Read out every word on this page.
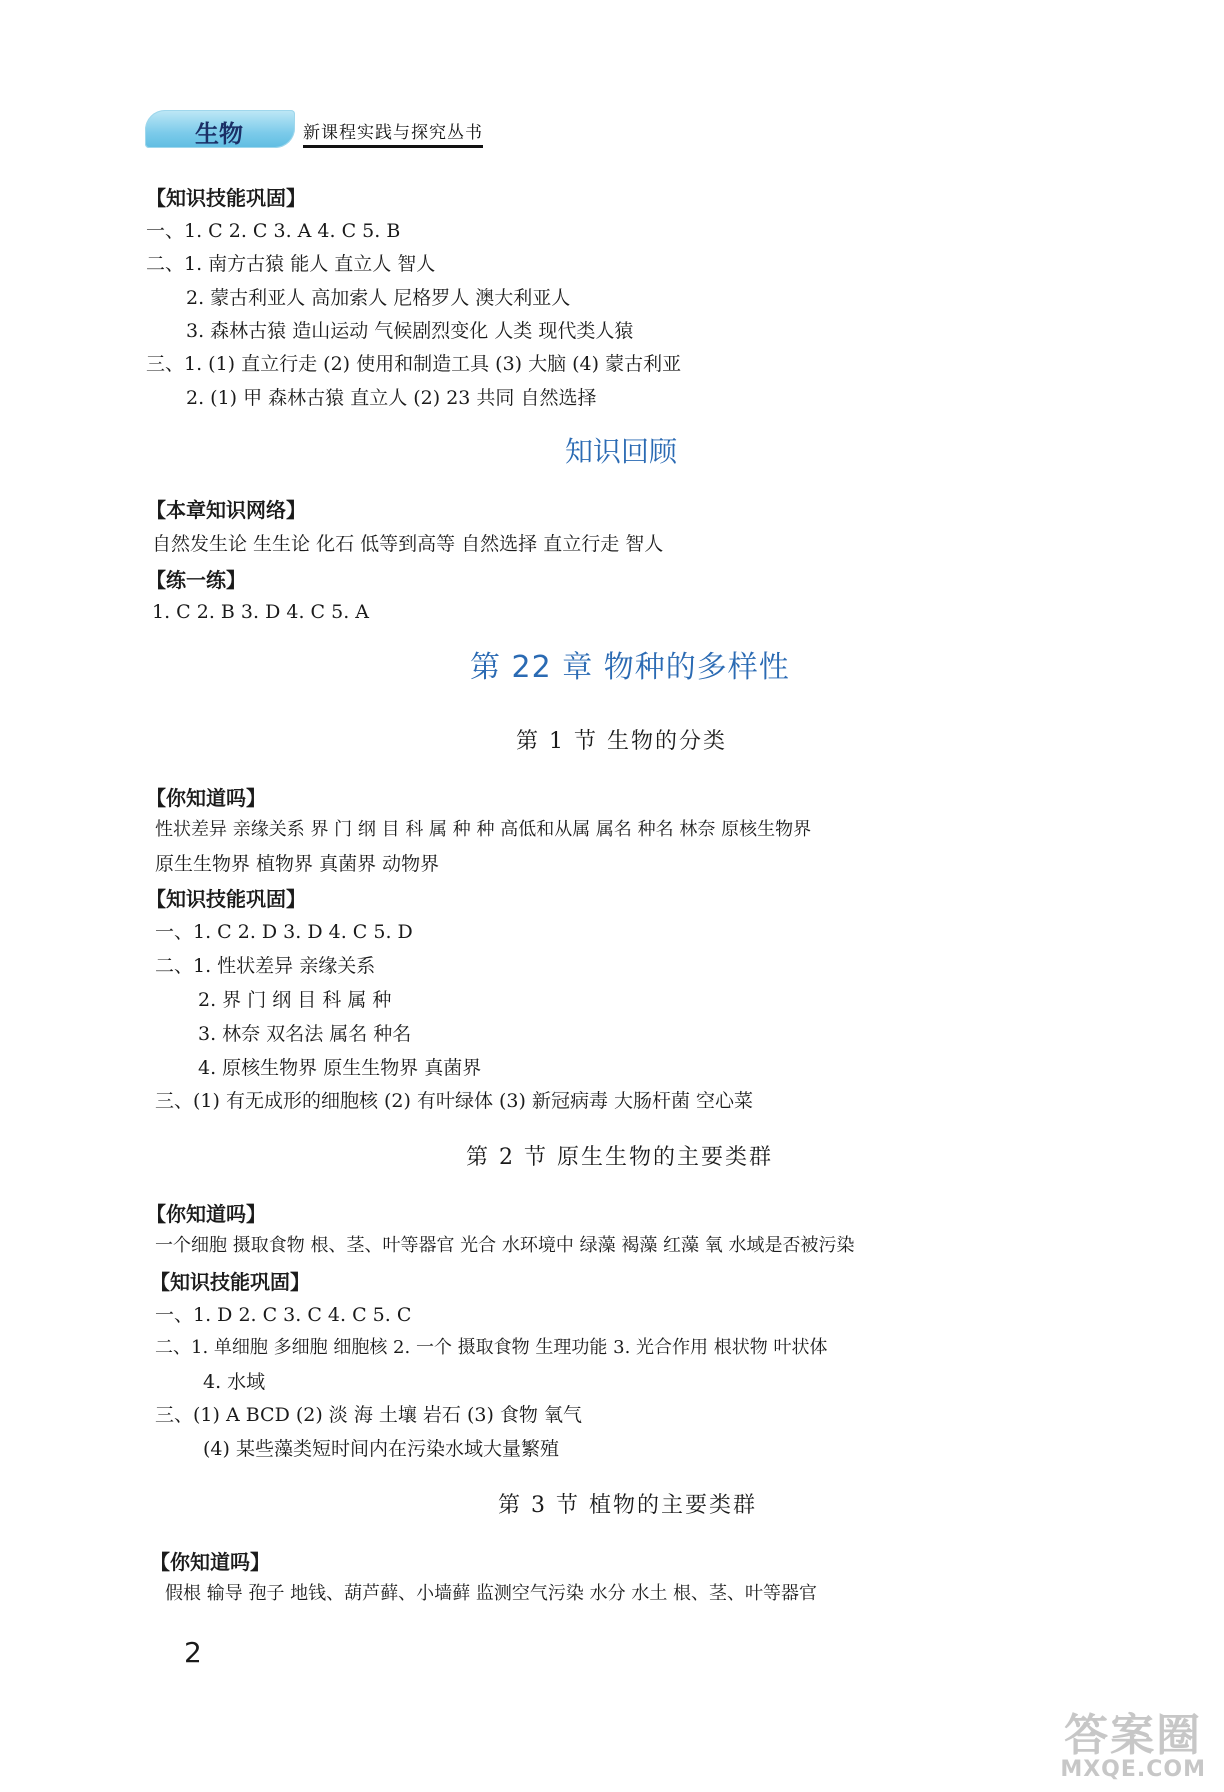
生物	新课程实践与探究丛书
【知识技能巩固】
一、1. C 2. C 3. A 4. C 5. B
二、1. 南方古猿 能人 直立人 智人
2. 蒙古利亚人 高加索人 尼格罗人 澳大利亚人
3. 森林古猿 造山运动 气候剧烈变化 人类 现代类人猿
三、1. (1) 直立行走 (2) 使用和制造工具 (3) 大脑 (4) 蒙古利亚
2. (1) 甲 森林古猿 直立人 (2) 23 共同 自然选择
知识回顾
【本章知识网络】
自然发生论 生生论 化石 低等到高等 自然选择 直立行走 智人
【练一练】
1. C 2. B 3. D 4. C 5. A
第 22 章 物种的多样性
第 1 节 生物的分类
【你知道吗】
性状差异 亲缘关系 界 门 纲 目 科 属 种 种 高低和从属 属名 种名 林奈 原核生物界
原生生物界 植物界 真菌界 动物界
【知识技能巩固】
一、1. C 2. D 3. D 4. C 5. D
二、1. 性状差异 亲缘关系
2. 界 门 纲 目 科 属 种
3. 林奈 双名法 属名 种名
4. 原核生物界 原生生物界 真菌界
三、(1) 有无成形的细胞核 (2) 有叶绿体 (3) 新冠病毒 大肠杆菌 空心菜
第 2 节 原生生物的主要类群
【你知道吗】
一个细胞 摄取食物 根、茎、叶等器官 光合 水环境中 绿藻 褐藻 红藻 氧 水域是否被污染
【知识技能巩固】
一、1. D 2. C 3. C 4. C 5. C
二、1. 单细胞 多细胞 细胞核 2. 一个 摄取食物 生理功能 3. 光合作用 根状物 叶状体
4. 水域
三、(1) A BCD (2) 淡 海 土壤 岩石 (3) 食物 氧气
(4) 某些藻类短时间内在污染水域大量繁殖
第 3 节 植物的主要类群
【你知道吗】
假根 输导 孢子 地钱、葫芦藓、小墙藓 监测空气污染 水分 水土 根、茎、叶等器官
2
答案圈
MXQE.COM
